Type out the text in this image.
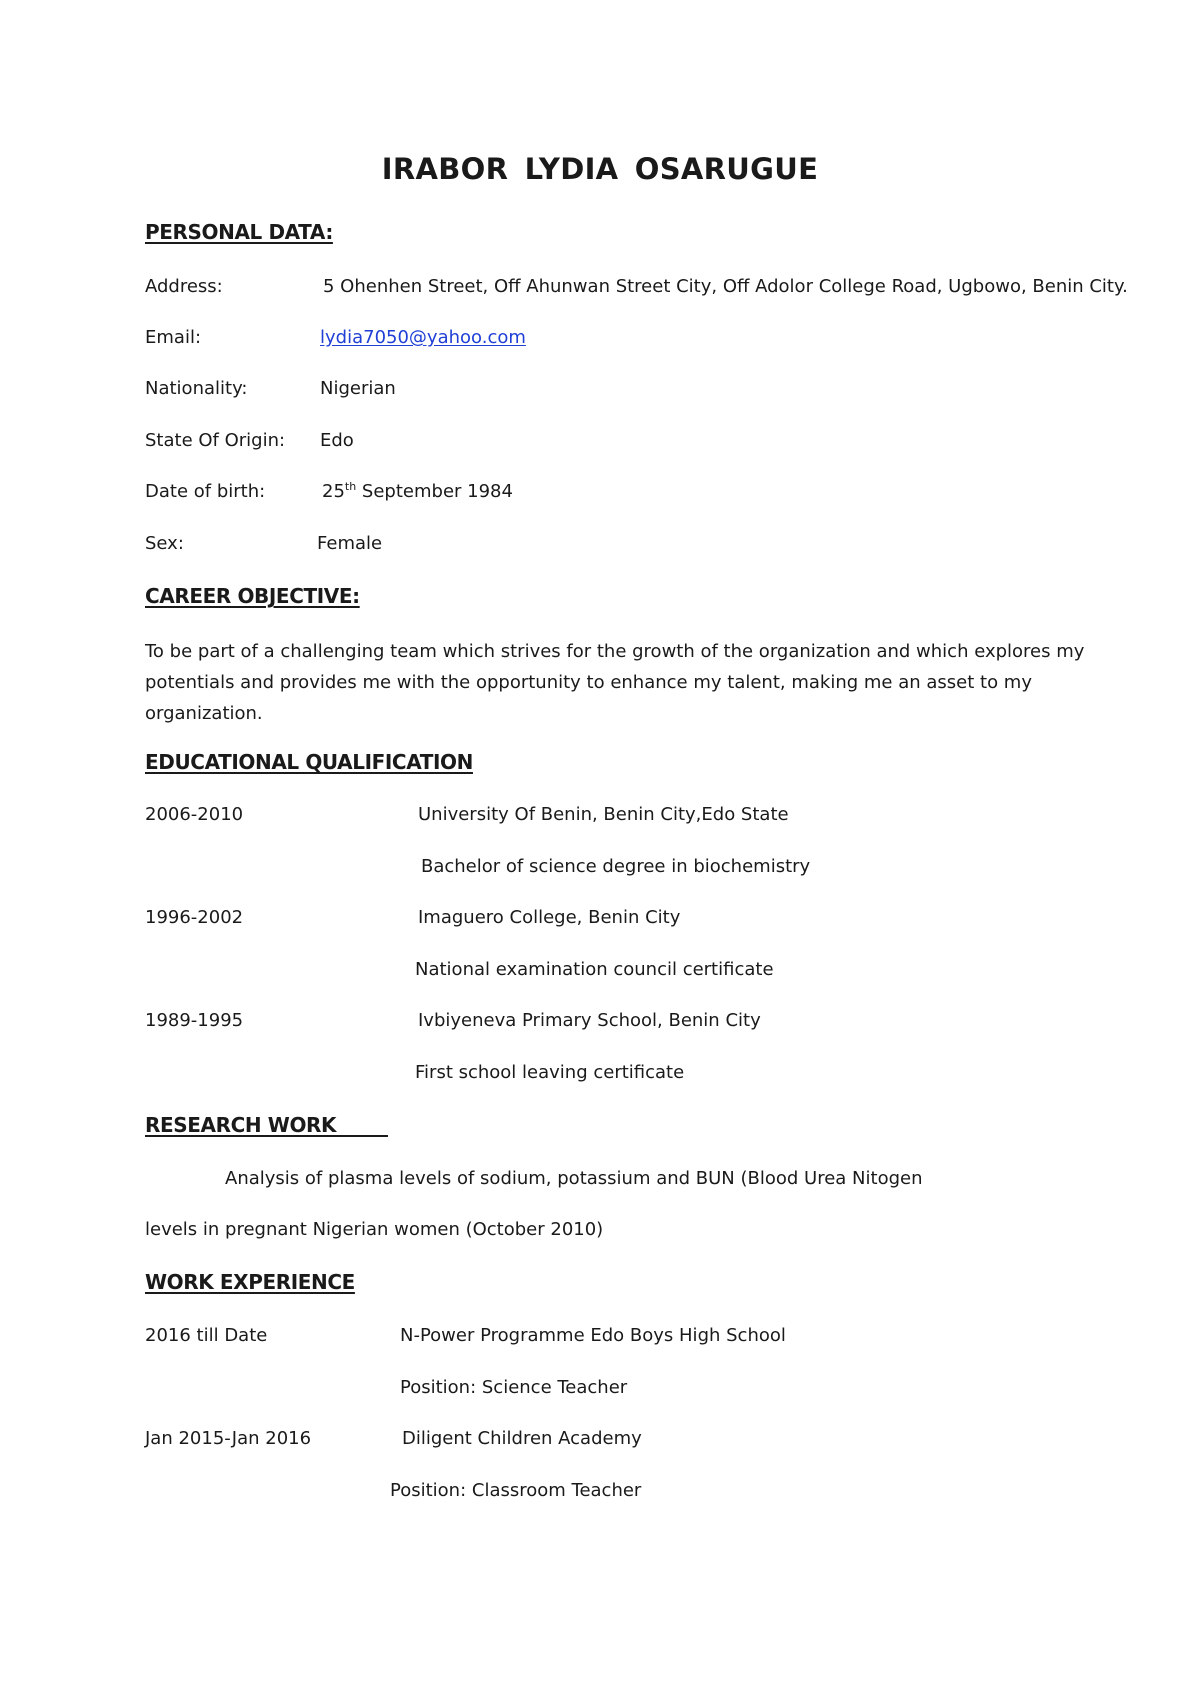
IRABOR LYDIA OSARUGUE
PERSONAL DATA:
Address:	5 Ohenhen Street, Off Ahunwan Street City, Off Adolor College Road, Ugbowo, Benin City.
Email:	lydia7050@yahoo.com
Nationality:	Nigerian
State Of Origin: Edo
Date of birth:	25th September 1984
Sex:	Female
CAREER OBJECTIVE:
To be part of a challenging team which strives for the growth of the organization and which explores my potentials and provides me with the opportunity to enhance my talent, making me an asset to my organization.
EDUCATIONAL QUALIFICATION
2006-2010	University Of Benin, Benin City,Edo State
Bachelor of science degree in biochemistry
1996-2002	Imaguero College, Benin City
National examination council certificate
1989-1995	Ivbiyeneva Primary School, Benin City
First school leaving certificate
RESEARCH WORK
Analysis of plasma levels of sodium, potassium and BUN (Blood Urea Nitogen
levels in pregnant Nigerian women (October 2010)
WORK EXPERIENCE
2016 till Date	N-Power Programme Edo Boys High School
Position: Science Teacher
Jan 2015-Jan 2016	Diligent Children Academy
Position: Classroom Teacher
